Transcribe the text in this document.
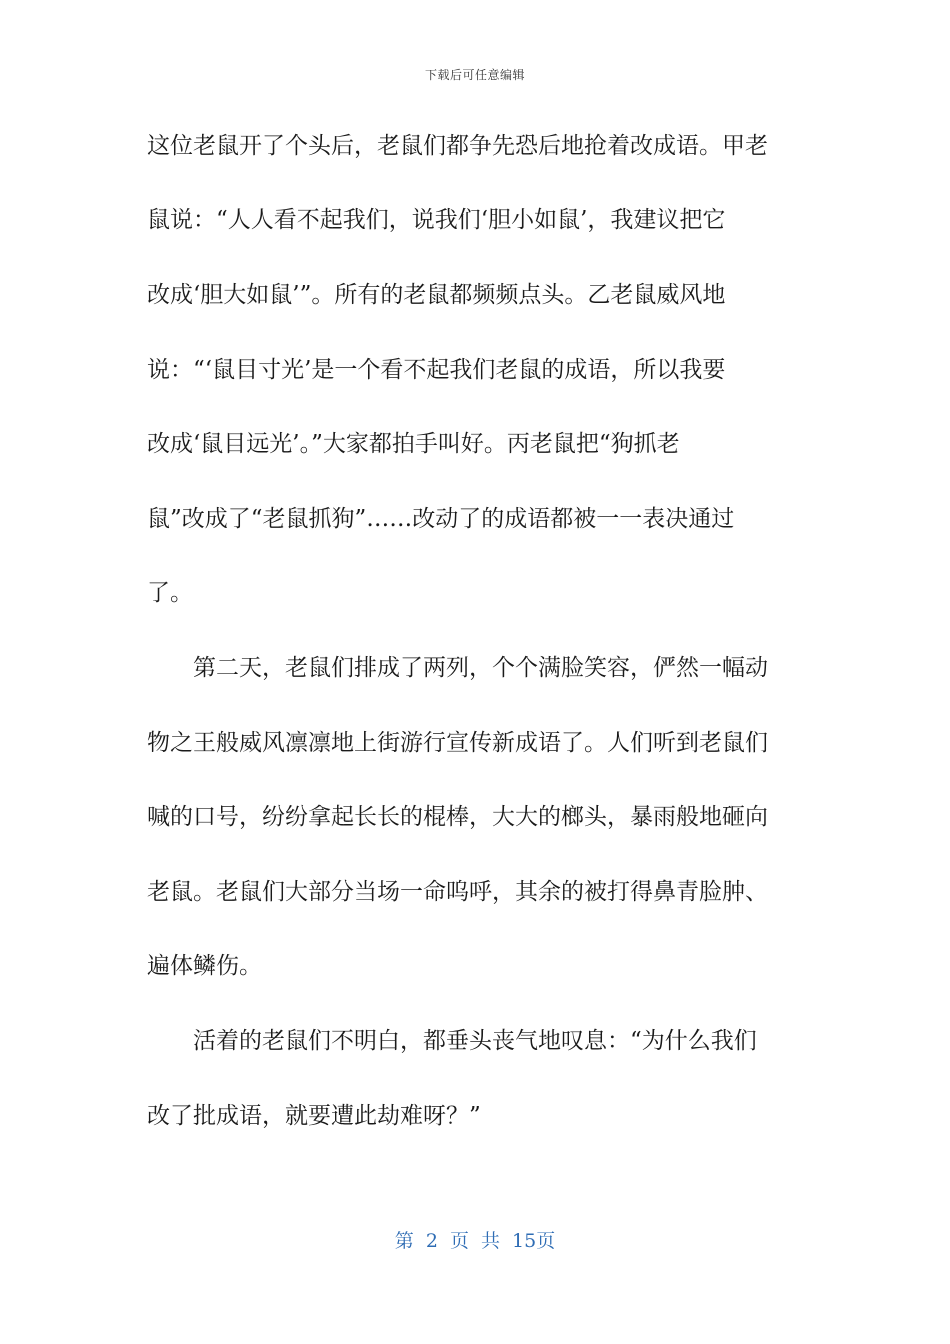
下载后可任意编辑
这位老鼠开了个头后，老鼠们都争先恐后地抢着改成语。甲老
鼠说：“人人看不起我们，说我们‘胆小如鼠’，我建议把它
改成‘胆大如鼠’”。所有的老鼠都频频点头。乙老鼠威风地
说：“‘鼠目寸光’是一个看不起我们老鼠的成语，所以我要
改成‘鼠目远光’。”大家都拍手叫好。丙老鼠把“狗抓老
鼠”改成了“老鼠抓狗”……改动了的成语都被一一表决通过
了。
　　第二天，老鼠们排成了两列，个个满脸笑容，俨然一幅动
物之王般威风凛凛地上街游行宣传新成语了。人们听到老鼠们
喊的口号，纷纷拿起长长的棍棒，大大的榔头，暴雨般地砸向
老鼠。老鼠们大部分当场一命呜呼，其余的被打得鼻青脸肿、
遍体鳞伤。
　　活着的老鼠们不明白，都垂头丧气地叹息：“为什么我们
改了批成语，就要遭此劫难呀？”
第 2 页 共 15页
